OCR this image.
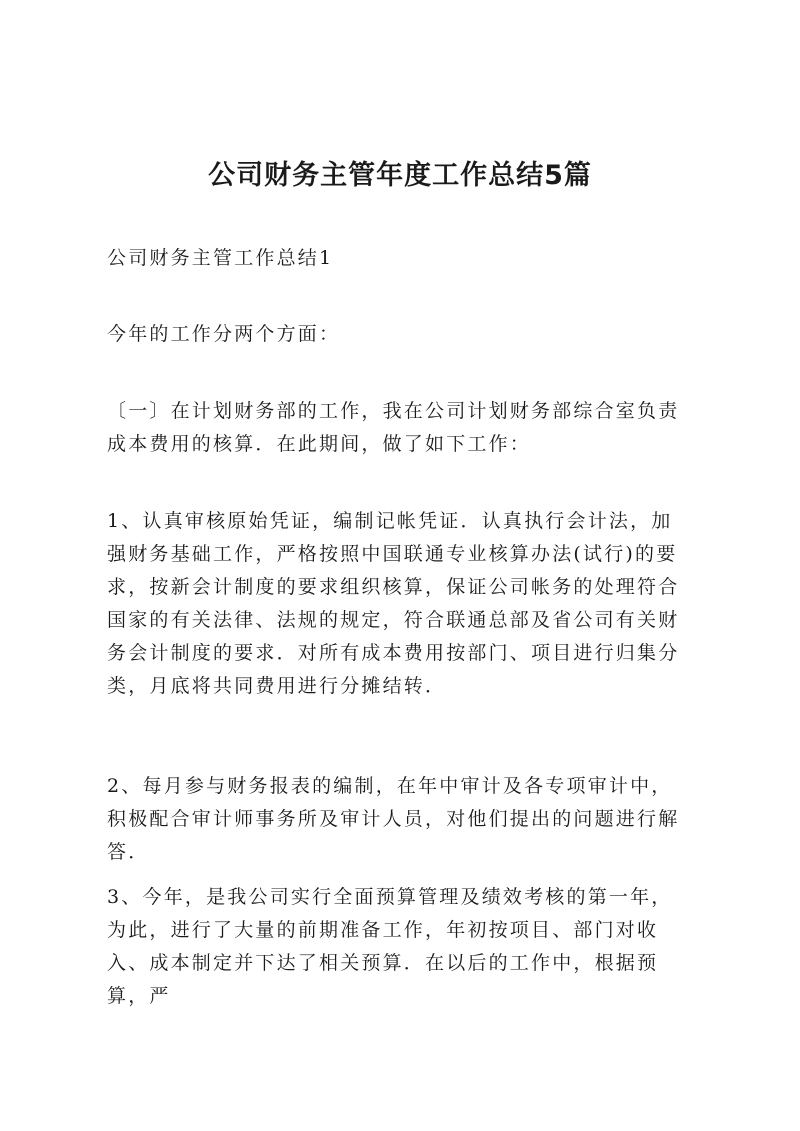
公司财务主管年度工作总结5篇

公司财务主管工作总结1

今年的工作分两个方面：

〔一〕在计划财务部的工作，我在公司计划财务部综合室负责成本费用的核算．在此期间，做了如下工作：

1、认真审核原始凭证，编制记帐凭证．认真执行会计法，加强财务基础工作，严格按照中国联通专业核算办法(试行)的要求，按新会计制度的要求组织核算，保证公司帐务的处理符合国家的有关法律、法规的规定，符合联通总部及省公司有关财务会计制度的要求．对所有成本费用按部门、项目进行归集分类，月底将共同费用进行分摊结转．

2、每月参与财务报表的编制，在年中审计及各专项审计中，积极配合审计师事务所及审计人员，对他们提出的问题进行解答．

3、今年，是我公司实行全面预算管理及绩效考核的第一年，为此，进行了大量的前期准备工作，年初按项目、部门对收入、成本制定并下达了相关预算．在以后的工作中，根据预算，严
